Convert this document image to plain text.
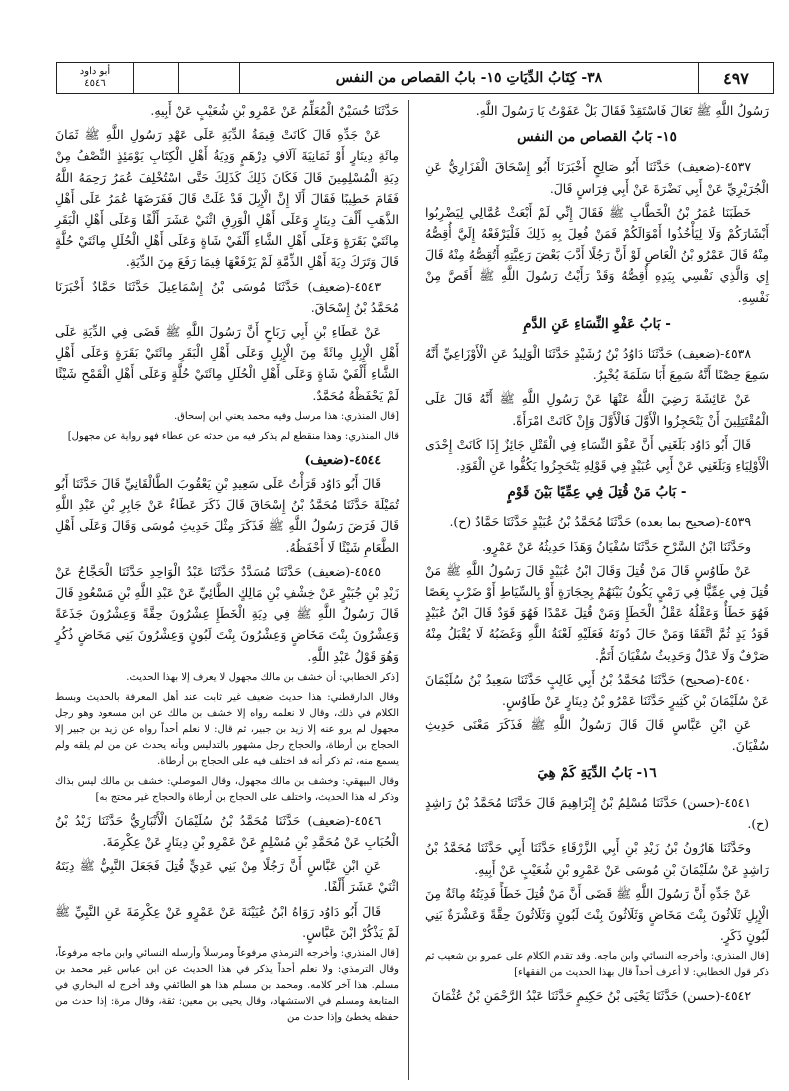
أبو داود
٤٥٤٦	٣٨- كِتَابُ الدِّيَاتِ ١٥- بابُ القصاص من النفس	٤٩٧

رَسُولُ اللَّهِ ﷺ تَعَالَ فَاسْتَقِدْ فَقَالَ بَلْ عَفَوْتُ يَا رَسُولَ اللَّهِ.

١٥- بَابُ القصاص من النفس

٤٥٣٧-(ضعيف) حَدَّثَنَا أَبُو صَالِحٍ أَخْبَرَنَا أَبُو إِسْحَاقَ الْفَزَارِيُّ عَنِ الْجُرَيْرِيِّ عَنْ أَبِي نَضْرَةَ عَنْ أَبِي فِرَاسٍ قَالَ.

خَطَبَنَا عُمَرُ بْنُ الْخَطَّابِ ﷺ فَقَالَ إِنِّي لَمْ أَبْعَثْ عُمَّالِي لِيَضْرِبُوا أَبْشَارَكُمْ وَلَا لِيَأْخُذُوا أَمْوَالَكُمْ فَمَنْ فُعِلَ بِهِ ذَلِكَ فَلْيَرْفَعْهُ إِلَيَّ أُقِصُّهُ مِنْهُ قَالَ عَمْرُو بْنُ الْعَاصِ لَوْ أَنَّ رَجُلًا أَدَّبَ بَعْضَ رَعِيَّتِهِ أَتُقِصُّهُ مِنْهُ قَالَ إِي وَالَّذِي نَفْسِي بِيَدِهِ أُقِصُّهُ وَقَدْ رَأَيْتُ رَسُولَ اللَّهِ ﷺ أَقَصَّ مِنْ نَفْسِهِ.

- بَابُ عَفْوِ النِّسَاءِ عَنِ الدَّمِ

٤٥٣٨-(ضعيف) حَدَّثَنَا دَاوُدُ بْنُ رُشَيْدٍ حَدَّثَنَا الْوَلِيدُ عَنِ الْأَوْزَاعِيِّ أَنَّهُ سَمِعَ حِصْنًا أَنَّهُ سَمِعَ أَبَا سَلَمَةَ يُخْبِرُ.

عَنْ عَائِشَةَ رَضِيَ اللَّهُ عَنْهَا عَنْ رَسُولِ اللَّهِ ﷺ أَنَّهُ قَالَ عَلَى الْمُقْتَتِلِينَ أَنْ يَنْحَجِزُوا الْأَوَّلَ فَالْأَوَّلَ وَإِنْ كَانَتْ امْرَأَةً.

قَالَ أَبُو دَاوُد بَلَغَنِي أَنَّ عَفْوَ النِّسَاءِ فِي الْقَتْلِ جَائِزٌ إِذَا كَانَتْ إِحْدَى الْأَوْلِيَاءِ وَبَلَغَنِي عَنْ أَبِي عُبَيْدٍ فِي قَوْلِهِ يَنْحَجِزُوا يَكُفُّوا عَنِ الْقَوَدِ.

- بَابُ مَنْ قُتِلَ فِي عِمِّيًا بَيْنَ قَوْمٍ

٤٥٣٩-(صحيح بما بعده) حَدَّثَنَا مُحَمَّدُ بْنُ عُبَيْدٍ حَدَّثَنَا حَمَّادٌ (ح).

وحَدَّثَنَا ابْنُ السَّرْحِ حَدَّثَنَا سُفْيَانُ وَهَذَا حَدِيثُهُ عَنْ عَمْرٍو.

عَنْ طَاوُسٍ قَالَ مَنْ قُتِلَ وَقَالَ ابْنُ عُبَيْدٍ قَالَ رَسُولُ اللَّهِ ﷺ مَنْ قُتِلَ فِي عِمِّيًّا فِي رَمْيٍ يَكُونُ بَيْنَهُمْ بِحِجَارَةٍ أَوْ بِالسِّيَاطِ أَوْ ضَرْبٍ بِعَصًا فَهُوَ خَطَأٌ وَعَقْلُهُ عَقْلُ الْخَطَإِ وَمَنْ قُتِلَ عَمْدًا فَهُوَ قَوَدٌ قَالَ ابْنُ عُبَيْدٍ قَوَدُ يَدٍ ثُمَّ اتَّفَقَا وَمَنْ حَالَ دُونَهُ فَعَلَيْهِ لَعْنَةُ اللَّهِ وَغَضَبُهُ لَا يُقْبَلُ مِنْهُ صَرْفٌ وَلَا عَدْلٌ وَحَدِيثُ سُفْيَانَ أَتَمُّ.

٤٥٤٠-(صحيح) حَدَّثَنَا مُحَمَّدُ بْنُ أَبِي غَالِبٍ حَدَّثَنَا سَعِيدُ بْنُ سُلَيْمَانَ عَنْ سُلَيْمَانَ بْنِ كَثِيرٍ حَدَّثَنَا عَمْرُو بْنُ دِينَارٍ عَنْ طَاوُسٍ.

عَنِ ابْنِ عَبَّاسٍ قَالَ قَالَ رَسُولُ اللَّهِ ﷺ فَذَكَرَ مَعْنَى حَدِيثِ سُفْيَانَ.

١٦- بَابُ الدِّيَةِ كَمْ هِيَ

٤٥٤١-(حسن) حَدَّثَنَا مُسْلِمُ بْنُ إِبْرَاهِيمَ قَالَ حَدَّثَنَا مُحَمَّدُ بْنُ رَاشِدٍ (ح).

وحَدَّثَنَا هَارُونُ بْنُ زَيْدِ بْنِ أَبِي الزَّرْقَاءِ حَدَّثَنَا أَبِي حَدَّثَنَا مُحَمَّدُ بْنُ رَاشِدٍ عَنْ سُلَيْمَانَ بْنِ مُوسَى عَنْ عَمْرِو بْنِ شُعَيْبٍ عَنْ أَبِيهِ.

عَنْ جَدِّهِ أَنَّ رَسُولَ اللَّهِ ﷺ قَضَى أَنَّ مَنْ قُتِلَ خَطَأً فَدِيَتُهُ مِائَةٌ مِنَ الْإِبِلِ ثَلَاثُونَ بِنْتَ مَخَاضٍ وَثَلَاثُونَ بِنْتَ لَبُونٍ وَثَلَاثُونَ حِقَّةً وَعَشْرَةٌ بَنِي لَبُونٍ ذَكَرٍ.

[قال المنذري: وأخرجه النسائي وابن ماجه. وقد تقدم الكلام على عمرو بن شعيب ثم ذكر قول الخطابي: لا أعرف أحداً قال بهذا الحديث من الفقهاء]

٤٥٤٢-(حسن) حَدَّثَنَا يَحْيَى بْنُ حَكِيمٍ حَدَّثَنَا عَبْدُ الرَّحْمَنِ بْنُ عُثْمَانَ

حَدَّثَنَا حُسَيْنٌ الْمُعَلِّمُ عَنْ عَمْرِو بْنِ شُعَيْبٍ عَنْ أَبِيهِ.

عَنْ جَدِّهِ قَالَ كَانَتْ قِيمَةُ الدِّيَةِ عَلَى عَهْدِ رَسُولِ اللَّهِ ﷺ ثَمَانَ مِائَةِ دِينَارٍ أَوْ ثَمَانِيَةَ آلَافِ دِرْهَمٍ وَدِيَةُ أَهْلِ الْكِتَابِ يَوْمَئِذٍ النِّصْفُ مِنْ دِيَةِ الْمُسْلِمِينَ قَالَ فَكَانَ ذَلِكَ كَذَلِكَ حَتَّى اسْتُخْلِفَ عُمَرُ رَحِمَهُ اللَّهُ فَقَامَ خَطِيبًا فَقَالَ أَلَا إِنَّ الْإِبِلَ قَدْ غَلَتْ قَالَ فَفَرَضَهَا عُمَرُ عَلَى أَهْلِ الذَّهَبِ أَلْفَ دِينَارٍ وَعَلَى أَهْلِ الْوَرِقِ اثْنَيْ عَشَرَ أَلْفًا وَعَلَى أَهْلِ الْبَقَرِ مِائَتَيْ بَقَرَةٍ وَعَلَى أَهْلِ الشَّاءِ أَلْفَيْ شَاةٍ وَعَلَى أَهْلِ الْحُلَلِ مِائَتَيْ حُلَّةٍ قَالَ وَتَرَكَ دِيَةَ أَهْلِ الذِّمَّةِ لَمْ يَرْفَعْهَا فِيمَا رَفَعَ مِنَ الدِّيَةِ.

٤٥٤٣-(ضعيف) حَدَّثَنَا مُوسَى بْنُ إِسْمَاعِيلَ حَدَّثَنَا حَمَّادٌ أَخْبَرَنَا مُحَمَّدُ بْنُ إِسْحَاقَ.

عَنْ عَطَاءِ بْنِ أَبِي رَبَاحٍ أَنَّ رَسُولَ اللَّهِ ﷺ قَضَى فِي الدِّيَةِ عَلَى أَهْلِ الْإِبِلِ مِائَةً مِنَ الْإِبِلِ وَعَلَى أَهْلِ الْبَقَرِ مِائَتَيْ بَقَرَةٍ وَعَلَى أَهْلِ الشَّاءِ أَلْفَيْ شَاةٍ وَعَلَى أَهْلِ الْحُلَلِ مِائَتَيْ حُلَّةٍ وَعَلَى أَهْلِ الْقَمْحِ شَيْئًا لَمْ يَحْفَظْهُ مُحَمَّدٌ.

[قال المنذري: هذا مرسل وفيه محمد يعني ابن إسحاق.

قال المنذري: وهذا منقطع لم يذكر فيه من حدثه عن عطاء فهو رواية عن مجهول]

٤٥٤٤-(ضعيف)

قَالَ أَبُو دَاوُد قَرَأْتُ عَلَى سَعِيدِ بْنِ يَعْقُوبَ الطَّالْقَانِيِّ قَالَ حَدَّثَنَا أَبُو تُمَيْلَةَ حَدَّثَنَا مُحَمَّدُ بْنُ إِسْحَاقَ قَالَ ذَكَرَ عَطَاءٌ عَنْ جَابِرِ بْنِ عَبْدِ اللَّهِ قَالَ فَرَضَ رَسُولُ اللَّهِ ﷺ فَذَكَرَ مِثْلَ حَدِيثِ مُوسَى وَقَالَ وَعَلَى أَهْلِ الطَّعَامِ شَيْئًا لَا أَحْفَظُهُ.

٤٥٤٥-(ضعيف) حَدَّثَنَا مُسَدَّدٌ حَدَّثَنَا عَبْدُ الْوَاحِدِ حَدَّثَنَا الْحَجَّاجُ عَنْ زَيْدِ بْنِ جُبَيْرٍ عَنْ خِشْفِ بْنِ مَالِكٍ الطَّائِيِّ عَنْ عَبْدِ اللَّهِ بْنِ مَسْعُودٍ قَالَ قَالَ رَسُولُ اللَّهِ ﷺ فِي دِيَةِ الْخَطَإِ عِشْرُونَ حِقَّةً وَعِشْرُونَ جَذَعَةً وَعِشْرُونَ بِنْتَ مَخَاضٍ وَعِشْرُونَ بِنْتَ لَبُونٍ وَعِشْرُونَ بَنِي مَخَاضٍ ذُكُرٍ وَهُوَ قَوْلُ عَبْدِ اللَّهِ.

[ذكر الخطابي: أن خشف بن مالك مجهول لا يعرف إلا بهذا الحديث.

وقال الدارقطني: هذا حديث ضعيف غير ثابت عند أهل المعرفة بالحديث وبسط الكلام في ذلك، وقال لا نعلمه رواه إلا خشف بن مالك عن ابن مسعود وهو رجل مجهول لم يرو عنه إلا زيد بن جبير، ثم قال: لا نعلم أحداً رواه عن زيد بن جبير إلا الحجاج بن أرطاة، والحجاج رجل مشهور بالتدليس وبأنه يحدث عن من لم يلقه ولم يسمع منه، ثم ذكر أنه قد اختلف فيه على الحجاج بن أرطاة.

وقال البيهقي: وخشف بن مالك مجهول، وقال الموصلي: خشف بن مالك ليس بذاك وذكر له هذا الحديث، واختلف على الحجاج بن أرطاة والحجاج غير محتج به]

٤٥٤٦-(ضعيف) حَدَّثَنَا مُحَمَّدُ بْنُ سُلَيْمَانَ الْأَنْبَارِيُّ حَدَّثَنَا زَيْدُ بْنُ الْحُبَابِ عَنْ مُحَمَّدِ بْنِ مُسْلِمٍ عَنْ عَمْرِو بْنِ دِينَارٍ عَنْ عِكْرِمَةَ.

عَنِ ابْنِ عَبَّاسٍ أَنَّ رَجُلًا مِنْ بَنِي عَدِيٍّ قُتِلَ فَجَعَلَ النَّبِيُّ ﷺ دِيَتَهُ اثْنَيْ عَشَرَ أَلْفًا.

قَالَ أَبُو دَاوُد رَوَاهُ ابْنُ عُيَيْنَةَ عَنْ عَمْرٍو عَنْ عِكْرِمَةَ عَنِ النَّبِيِّ ﷺ لَمْ يَذْكُرْ ابْنَ عَبَّاسٍ.

[قال المنذري: وأخرجه الترمذي مرفوعاً ومرسلاً وأرسله النسائي وابن ماجه مرفوعاً، وقال الترمذي: ولا نعلم أحداً يذكر في هذا الحديث عن ابن عباس غير محمد بن مسلم. هذا آخر كلامه. ومحمد بن مسلم هذا هو الطائفي وقد أخرج له البخاري في المتابعة ومسلم في الاستشهاد، وقال يحيى بن معين: ثقة، وقال مرة: إذا حدث من حفظه يخطئ وإذا حدث من
